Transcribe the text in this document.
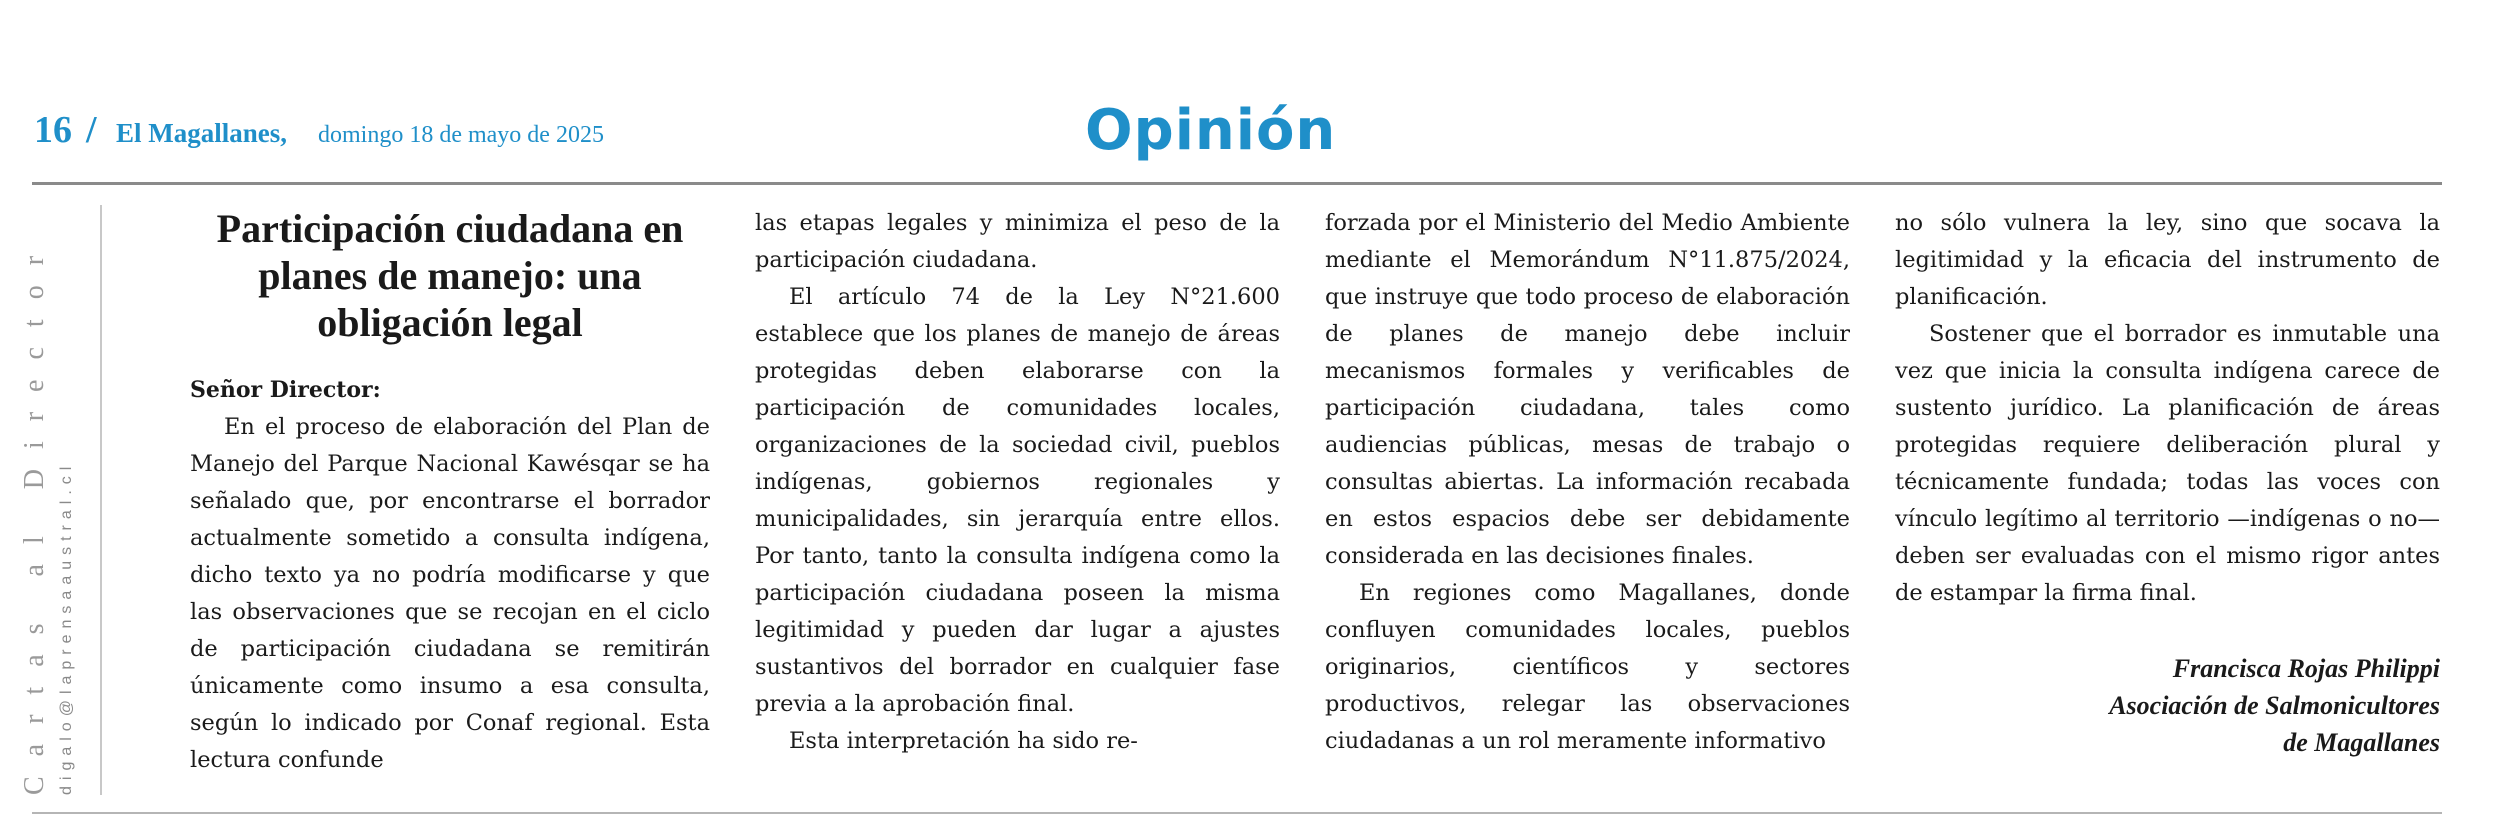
16 / El Magallanes, domingo 18 de mayo de 2025	Opinión
Cartas al Director digalo@laprensaaustral.cl
Participación ciudadana en planes de manejo: una obligación legal

Señor Director:

En el proceso de elaboración del Plan de Manejo del Parque Nacional Kawésqar se ha señalado que, por encontrarse el borrador actualmente sometido a consulta indígena, dicho texto ya no podría modificarse y que las observaciones que se recojan en el ciclo de participación ciudadana se remitirán únicamente como insumo a esa consulta, según lo indicado por Conaf regional. Esta lectura confunde

las etapas legales y minimiza el peso de la participación ciudadana.

El artículo 74 de la Ley N°21.600 establece que los planes de manejo de áreas protegidas deben elaborarse con la participación de comunidades locales, organizaciones de la sociedad civil, pueblos indígenas, gobiernos regionales y municipalidades, sin jerarquía entre ellos. Por tanto, tanto la consulta indígena como la participación ciudadana poseen la misma legitimidad y pueden dar lugar a ajustes sustantivos del borrador en cualquier fase previa a la aprobación final.

Esta interpretación ha sido re-

forzada por el Ministerio del Medio Ambiente mediante el Memorándum N°11.875/2024, que instruye que todo proceso de elaboración de planes de manejo debe incluir mecanismos formales y verificables de participación ciudadana, tales como audiencias públicas, mesas de trabajo o consultas abiertas. La información recabada en estos espacios debe ser debidamente considerada en las decisiones finales.

En regiones como Magallanes, donde confluyen comunidades locales, pueblos originarios, científicos y sectores productivos, relegar las observaciones ciudadanas a un rol meramente informativo

no sólo vulnera la ley, sino que socava la legitimidad y la eficacia del instrumento de planificación.

Sostener que el borrador es inmutable una vez que inicia la consulta indígena carece de sustento jurídico. La planificación de áreas protegidas requiere deliberación plural y técnicamente fundada; todas las voces con vínculo legítimo al territorio —indígenas o no— deben ser evaluadas con el mismo rigor antes de estampar la firma final.

Francisca Rojas Philippi
Asociación de Salmonicultores
de Magallanes
